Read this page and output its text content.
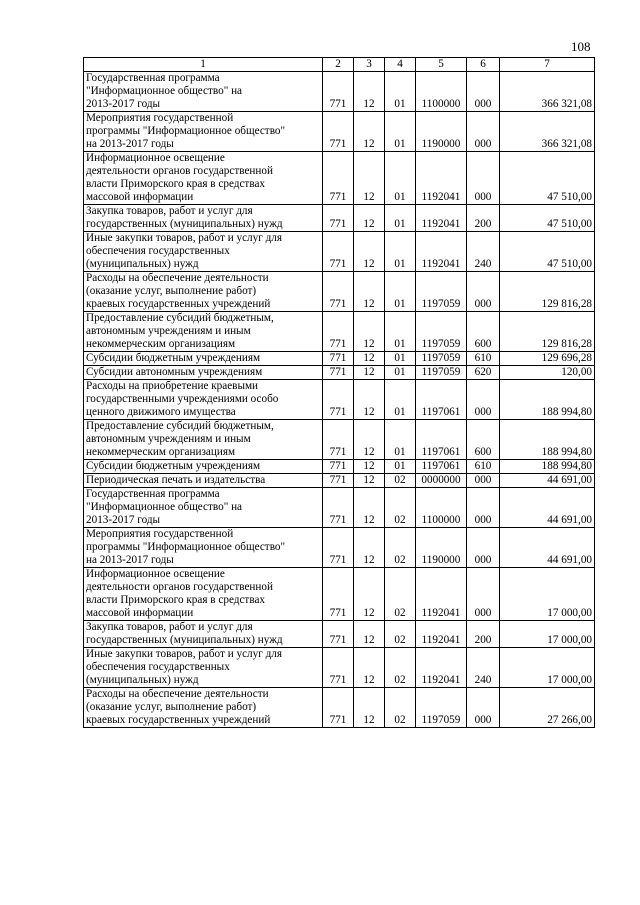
108
1	2	3	4	5	6	7
Государственная программа
"Информационное общество" на
2013-2017 годы	771	12	01	1100000	000	366 321,08
Мероприятия государственной
программы "Информационное общество"
на 2013-2017 годы	771	12	01	1190000	000	366 321,08
Информационное освещение
деятельности органов государственной
власти Приморского края в средствах
массовой информации	771	12	01	1192041	000	47 510,00
Закупка товаров, работ и услуг для
государственных (муниципальных) нужд	771	12	01	1192041	200	47 510,00
Иные закупки товаров, работ и услуг для
обеспечения государственных
(муниципальных) нужд	771	12	01	1192041	240	47 510,00
Расходы на обеспечение деятельности
(оказание услуг, выполнение работ)
краевых государственных учреждений	771	12	01	1197059	000	129 816,28
Предоставление субсидий бюджетным,
автономным учреждениям и иным
некоммерческим организациям	771	12	01	1197059	600	129 816,28
Субсидии бюджетным учреждениям	771	12	01	1197059	610	129 696,28
Субсидии автономным учреждениям	771	12	01	1197059	620	120,00
Расходы на приобретение краевыми
государственными учреждениями особо
ценного движимого имущества	771	12	01	1197061	000	188 994,80
Предоставление субсидий бюджетным,
автономным учреждениям и иным
некоммерческим организациям	771	12	01	1197061	600	188 994,80
Субсидии бюджетным учреждениям	771	12	01	1197061	610	188 994,80
Периодическая печать и издательства	771	12	02	0000000	000	44 691,00
Государственная программа
"Информационное общество" на
2013-2017 годы	771	12	02	1100000	000	44 691,00
Мероприятия государственной
программы "Информационное общество"
на 2013-2017 годы	771	12	02	1190000	000	44 691,00
Информационное освещение
деятельности органов государственной
власти Приморского края в средствах
массовой информации	771	12	02	1192041	000	17 000,00
Закупка товаров, работ и услуг для
государственных (муниципальных) нужд	771	12	02	1192041	200	17 000,00
Иные закупки товаров, работ и услуг для
обеспечения государственных
(муниципальных) нужд	771	12	02	1192041	240	17 000,00
Расходы на обеспечение деятельности
(оказание услуг, выполнение работ)
краевых государственных учреждений	771	12	02	1197059	000	27 266,00
